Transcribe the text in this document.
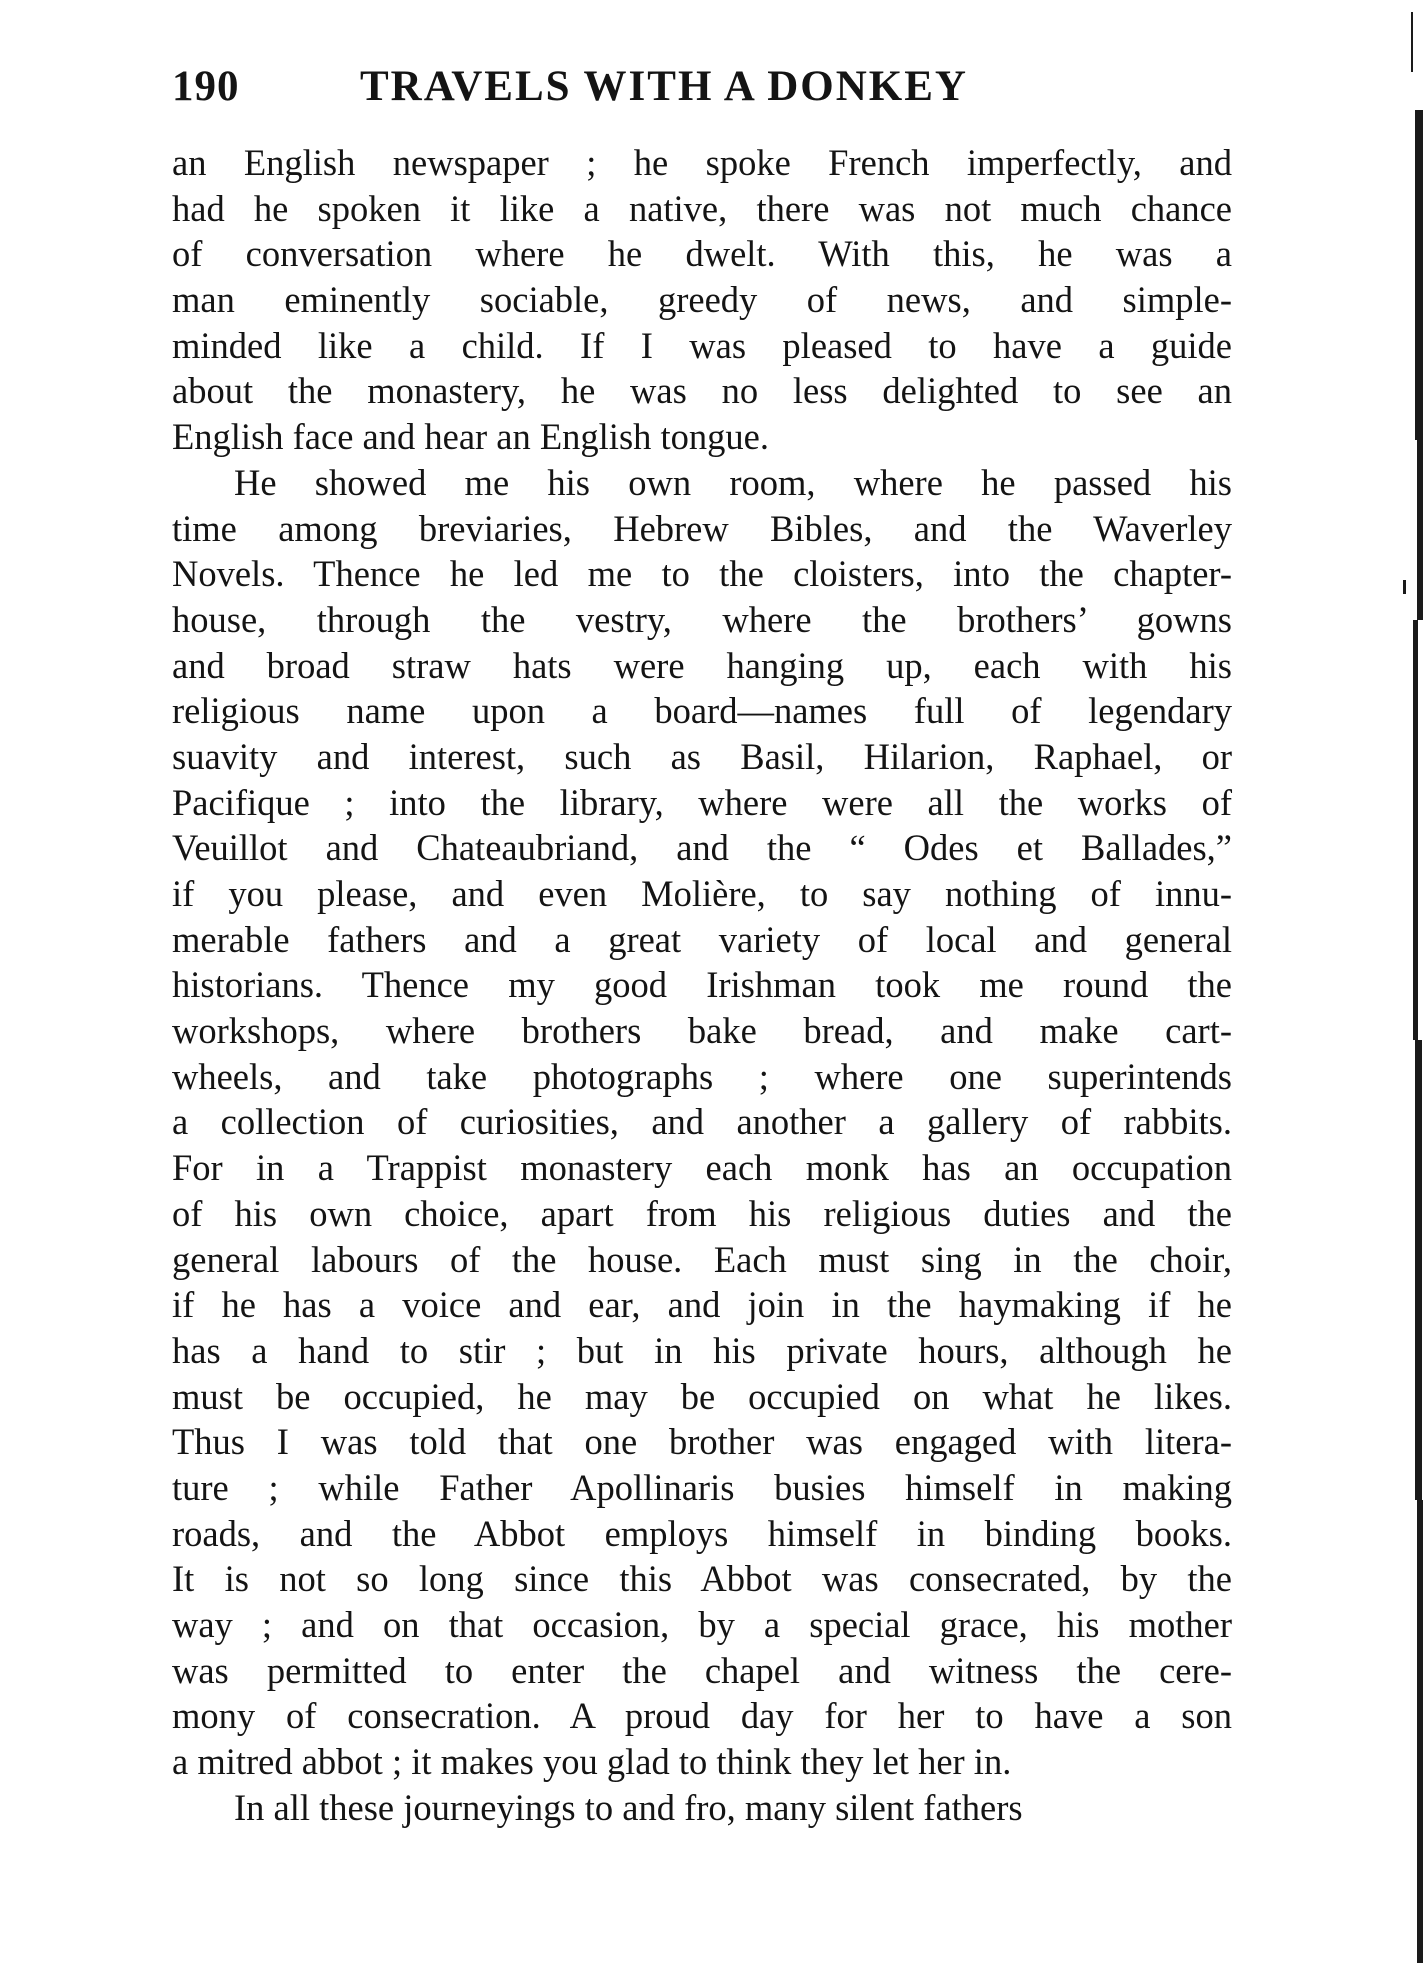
190	TRAVELS WITH A DONKEY
an English newspaper ; he spoke French imperfectly, and
had he spoken it like a native, there was not much chance
of conversation where he dwelt. With this, he was a
man eminently sociable, greedy of news, and simple-
minded like a child. If I was pleased to have a guide
about the monastery, he was no less delighted to see an
English face and hear an English tongue.
He showed me his own room, where he passed his
time among breviaries, Hebrew Bibles, and the Waverley
Novels. Thence he led me to the cloisters, into the chapter-
house, through the vestry, where the brothers’ gowns
and broad straw hats were hanging up, each with his
religious name upon a board—names full of legendary
suavity and interest, such as Basil, Hilarion, Raphael, or
Pacifique ; into the library, where were all the works of
Veuillot and Chateaubriand, and the “ Odes et Ballades,”
if you please, and even Molière, to say nothing of innu-
merable fathers and a great variety of local and general
historians. Thence my good Irishman took me round the
workshops, where brothers bake bread, and make cart-
wheels, and take photographs ; where one superintends
a collection of curiosities, and another a gallery of rabbits.
For in a Trappist monastery each monk has an occupation
of his own choice, apart from his religious duties and the
general labours of the house. Each must sing in the choir,
if he has a voice and ear, and join in the haymaking if he
has a hand to stir ; but in his private hours, although he
must be occupied, he may be occupied on what he likes.
Thus I was told that one brother was engaged with litera-
ture ; while Father Apollinaris busies himself in making
roads, and the Abbot employs himself in binding books.
It is not so long since this Abbot was consecrated, by the
way ; and on that occasion, by a special grace, his mother
was permitted to enter the chapel and witness the cere-
mony of consecration. A proud day for her to have a son
a mitred abbot ; it makes you glad to think they let her in.
In all these journeyings to and fro, many silent fathers
